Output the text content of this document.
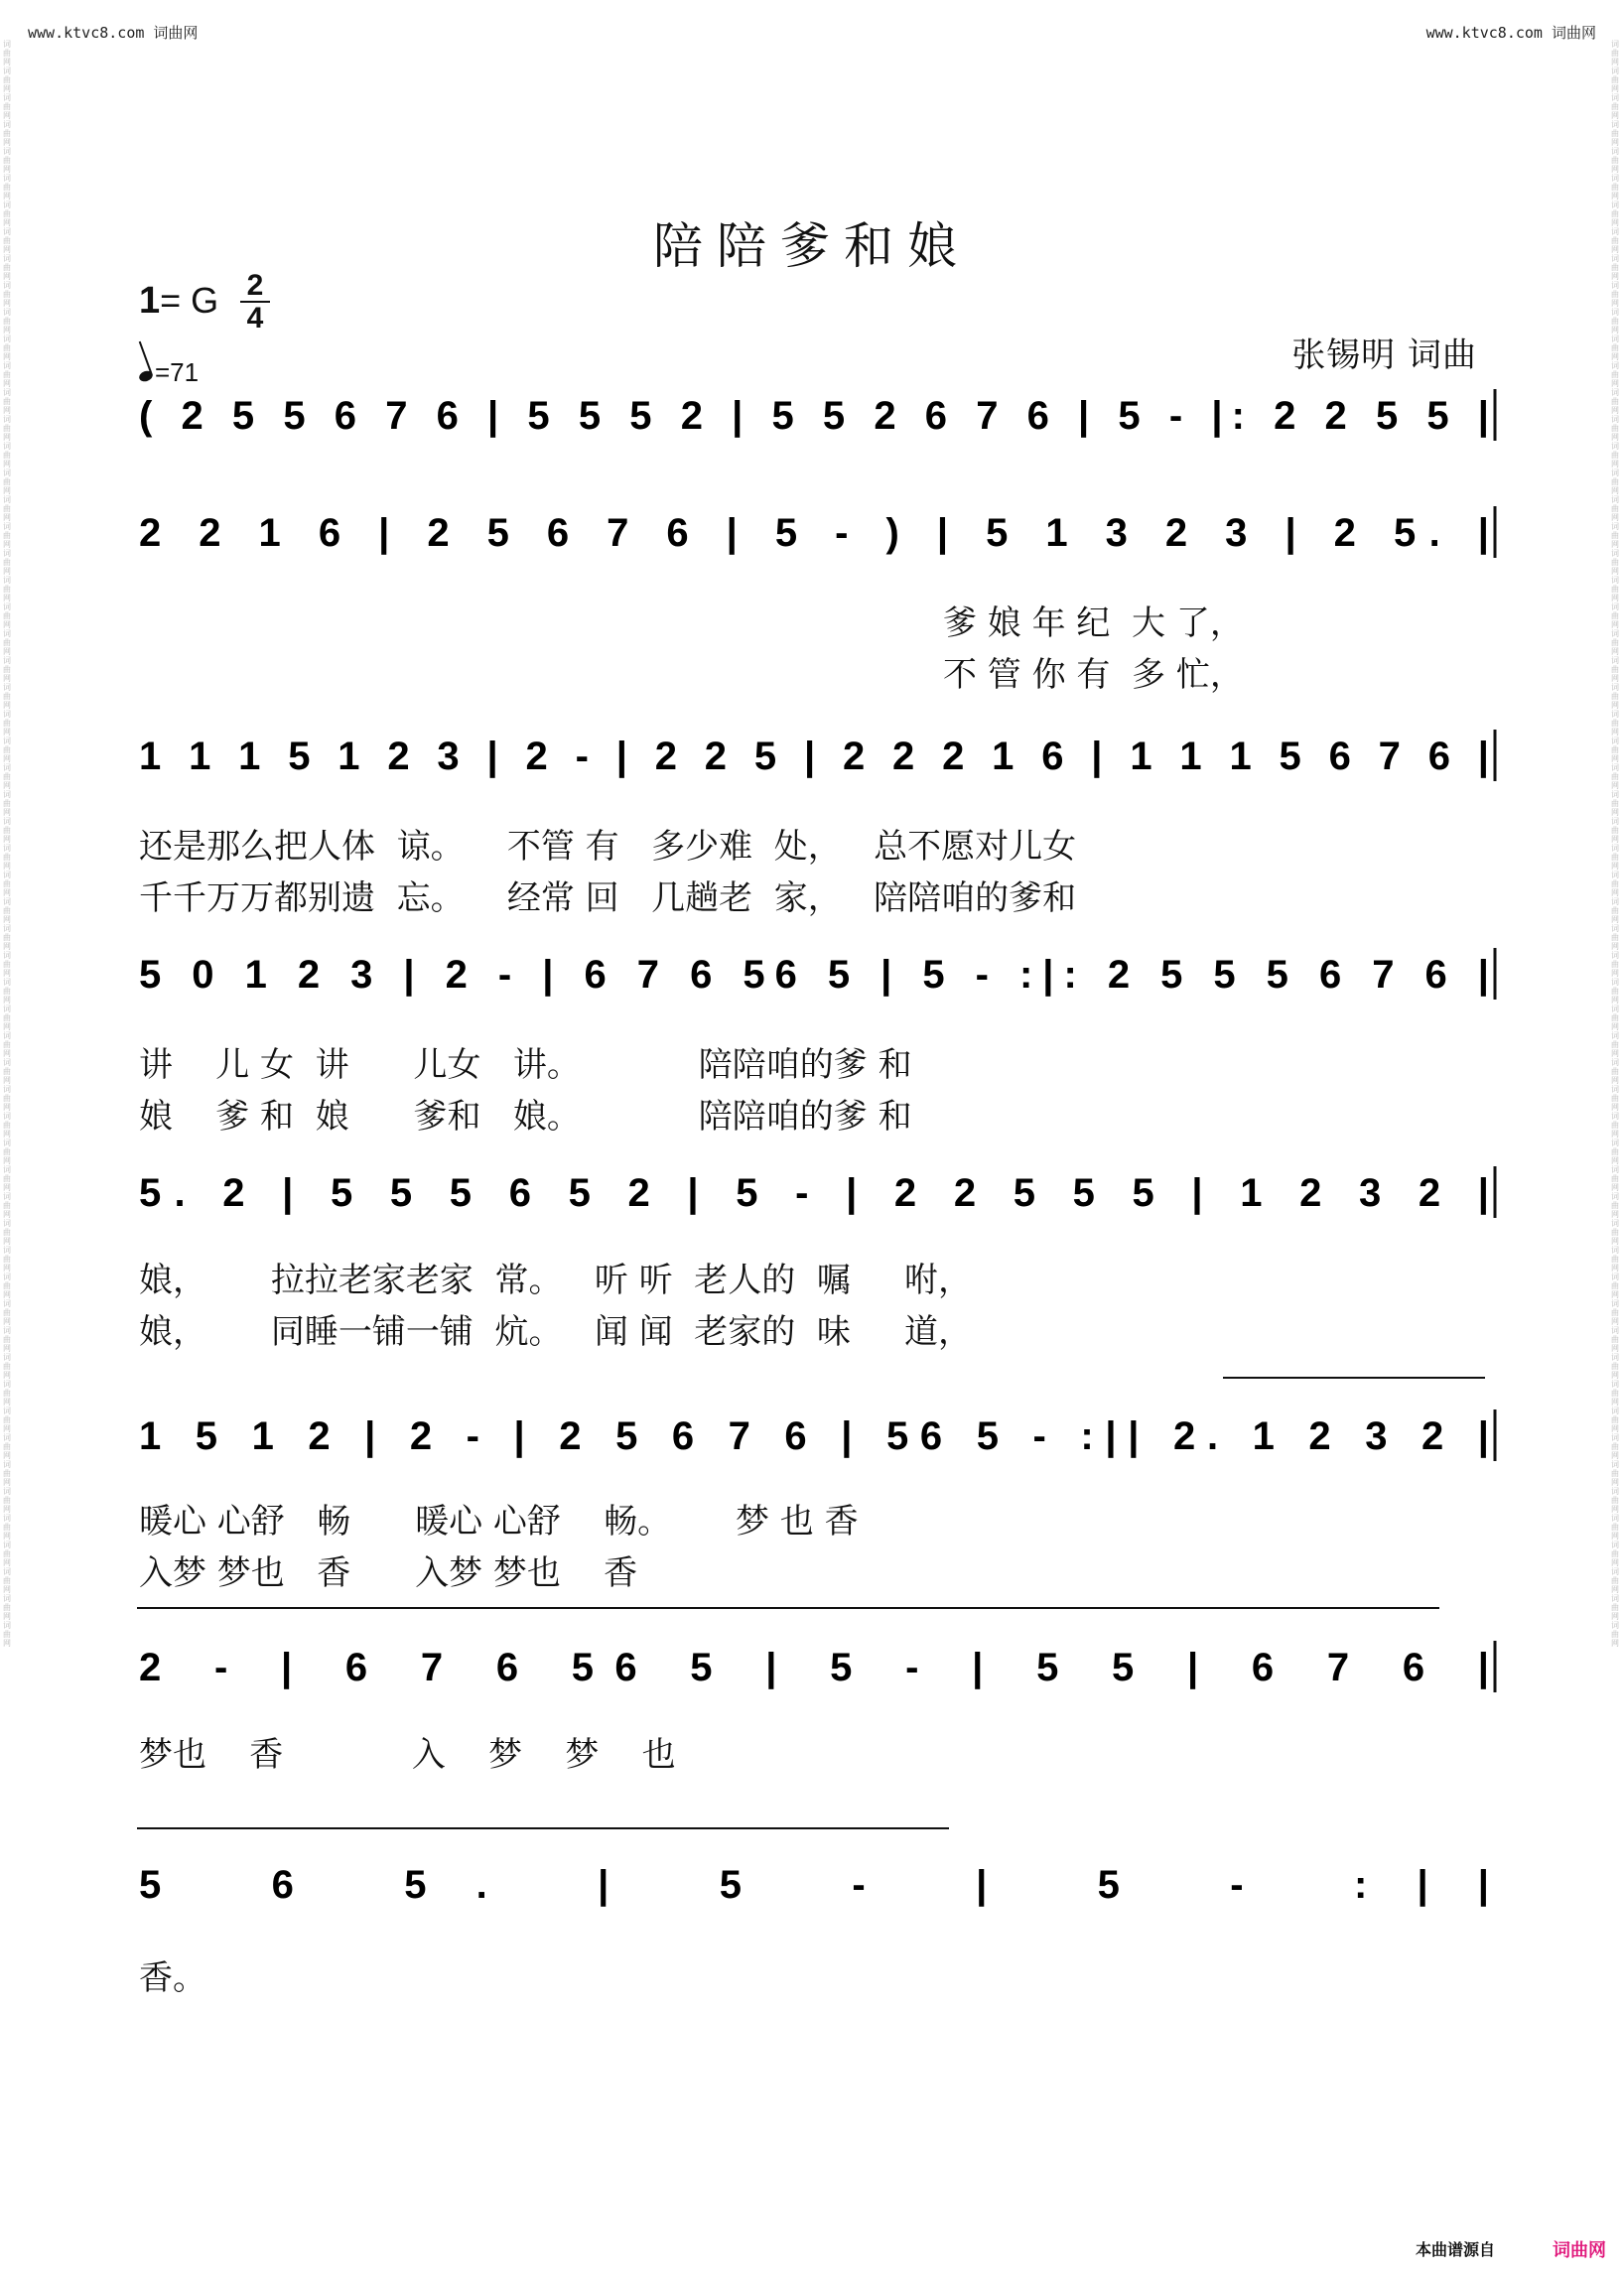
www.ktvc8.com 词曲网	www.ktvc8.com 词曲网
词曲网 词曲网 词曲网 词曲网 词曲网 词曲网 词曲网 词曲网 词曲网 词曲网 词曲网 词曲网 词曲网 词曲网 词曲网 词曲网 词曲网 词曲网 词曲网 词曲网 词曲网 词曲网 词曲网 词曲网 词曲网 词曲网 词曲网 词曲网 词曲网 词曲网 词曲网 词曲网 词曲网 词曲网 词曲网 词曲网 词曲网 词曲网 词曲网 词曲网 词曲网 词曲网 词曲网 词曲网 词曲网 词曲网 词曲网 词曲网 词曲网 词曲网 词曲网 词曲网 词曲网 词曲网 词曲网 词曲网 词曲网 词曲网 词曲网 词曲网
词曲网 词曲网 词曲网 词曲网 词曲网 词曲网 词曲网 词曲网 词曲网 词曲网 词曲网 词曲网 词曲网 词曲网 词曲网 词曲网 词曲网 词曲网 词曲网 词曲网 词曲网 词曲网 词曲网 词曲网 词曲网 词曲网 词曲网 词曲网 词曲网 词曲网 词曲网 词曲网 词曲网 词曲网 词曲网 词曲网 词曲网 词曲网 词曲网 词曲网 词曲网 词曲网 词曲网 词曲网 词曲网 词曲网 词曲网 词曲网 词曲网 词曲网 词曲网 词曲网 词曲网 词曲网 词曲网 词曲网 词曲网 词曲网 词曲网 词曲网
陪陪爹和娘
1= G 2
4
=71	张锡明 词曲
( 2 5 5 6 7 6 | 5 5 5 2 | 5 5 2 6 7 6 | 5 - |: 2 2 5 5 |
2 2 1 6 | 2 5 6 7 6 | 5 - ) | 5 1 3 2 3 | 2 5. |
1 1 1 5 1 2 3 | 2 - | 2 2 5 | 2 2 2 1 6 | 1 1 1 5 6 7 6 |
5 0 1 2 3 | 2 - | 6 7 6 56 5 | 5 - :|: 2 5 5 5 6 7 6 |
5. 2 | 5 5 5 6 5 2 | 5 - | 2 2 5 5 5 | 1 2 3 2 |
1 5 1 2 | 2 - | 2 5 6 7 6 | 56 5 - :|| 2. 1 2 3 2 |
2 - | 6 7 6 56 5 | 5 - | 5 5 | 6 7 6 |
5 6 5. | 5 - | 5 - :||
爹 娘 年 纪  大 了，
不 管 你 有  多 忙，
还是那么把人体  谅。    不管 有   多少难  处，   总不愿对儿女
千千万万都别遗  忘。    经常 回   几趟老  家，   陪陪咱的爹和
讲    儿 女  讲      儿女   讲。           陪陪咱的爹 和
娘    爹 和  娘      爹和   娘。           陪陪咱的爹 和
娘，      拉拉老家老家  常。   听 听  老人的  嘱     咐，
娘，      同睡一铺一铺  炕。   闻 闻  老家的  味     道，
暖心 心舒   畅      暖心 心舒    畅。      梦 也 香
入梦 梦也   香      入梦 梦也    香
梦也    香            入    梦    梦    也
香。
本曲谱源自	词曲网
